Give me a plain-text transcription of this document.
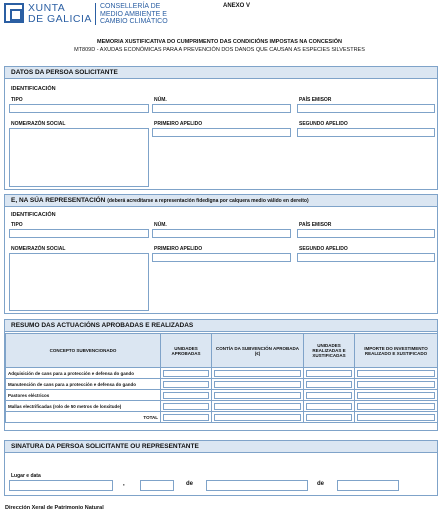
XUNTA
DE GALICIA
CONSELLERÍA DE
MEDIO AMBIENTE E
CAMBIO CLIMÁTICO
ANEXO V
MEMORIA XUSTIFICATIVA DO CUMPRIMENTO DAS CONDICIÓNS IMPOSTAS NA CONCESIÓN
MT809D - AXUDAS ECONÓMICAS PARA A PREVENCIÓN DOS DANOS QUE CAUSAN AS ESPECIES SILVESTRES
DATOS DA PERSOA SOLICITANTE
IDENTIFICACIÓN
TIPO	NÚM.	PAÍS EMISOR
NOME/RAZÓN SOCIAL	PRIMEIRO APELIDO	SEGUNDO APELIDO
E, NA SÚA REPRESENTACIÓN (deberá acreditarse a representación fidedigna por calquera medio válido en dereito)
IDENTIFICACIÓN
TIPO	NÚM.	PAÍS EMISOR
NOME/RAZÓN SOCIAL	PRIMEIRO APELIDO	SEGUNDO APELIDO
RESUMO DAS ACTUACIÓNS APROBADAS E REALIZADAS
CONCEPTO SUBVENCIONADO	UNIDADES APROBADAS	CONTÍA DA SUBVENCIÓN APROBADA (€)	UNIDADES REALIZADAS E XUSTIFICADAS	IMPORTE DO INVESTIMENTO REALIZADO E XUSTIFICADO
Adquisición de cans para a protección e defensa do gando	

Manutención de cans para a protección e defensa do gando	

Pastores eléctricos	

Mallas electrificadas (rolo de 50 metros de lonxitude)	

TOTAL	

SINATURA DA PERSOA SOLICITANTE OU REPRESENTANTE
Lugar e data
,	de	de
Dirección Xeral de Patrimonio Natural
